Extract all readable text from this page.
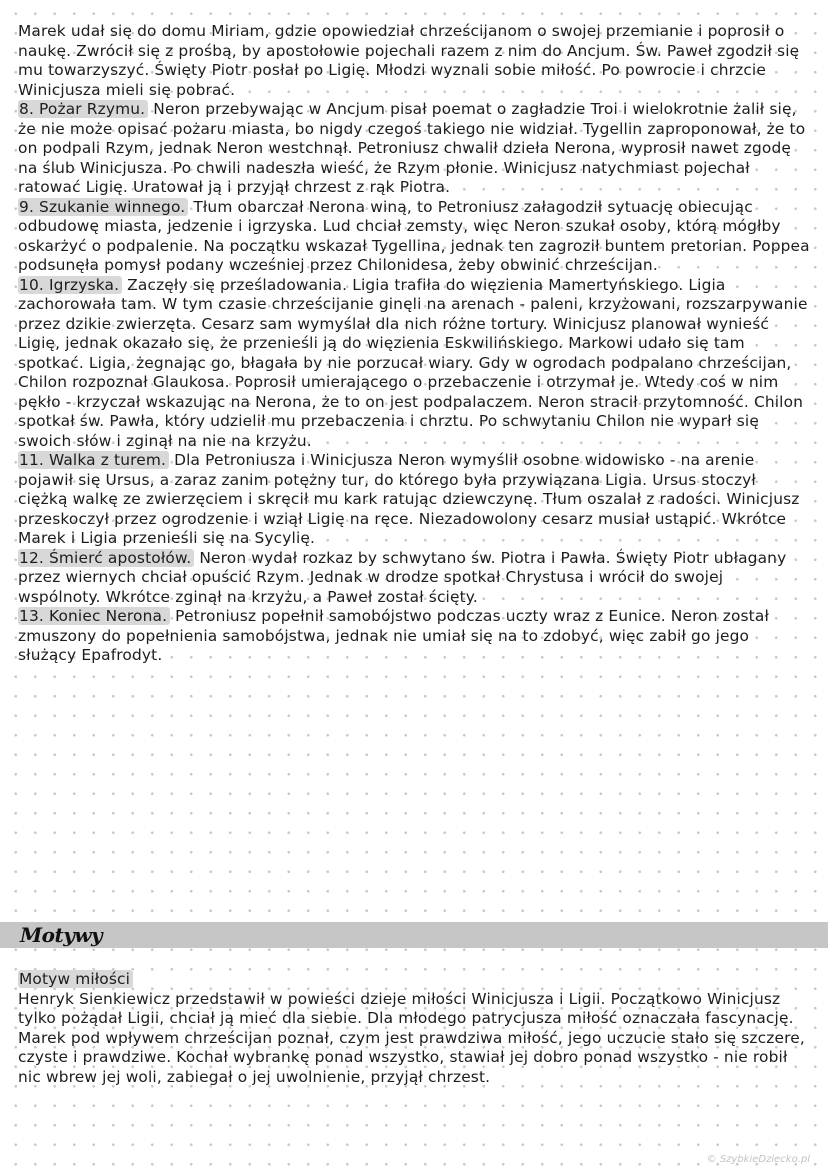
Marek udał się do domu Miriam, gdzie opowiedział chrześcijanom o swojej przemianie i poprosił o naukę. Zwrócił się z prośbą, by apostołowie pojechali razem z nim do Ancjum. Św. Paweł zgodził się mu towarzyszyć. Święty Piotr posłał po Ligię. Młodzi wyznali sobie miłość. Po powrocie i chrzcie Winicjusza mieli się pobrać.

8. Pożar Rzymu. Neron przebywając w Ancjum pisał poemat o zagładzie Troi i wielokrotnie żalił się, że nie może opisać pożaru miasta, bo nigdy czegoś takiego nie widział. Tygellin zaproponował, że to on podpali Rzym, jednak Neron westchnął. Petroniusz chwalił dzieła Nerona, wyprosił nawet zgodę na ślub Winicjusza. Po chwili nadeszła wieść, że Rzym płonie. Winicjusz natychmiast pojechał ratować Ligię. Uratował ją i przyjął chrzest z rąk Piotra.

9. Szukanie winnego. Tłum obarczał Nerona winą, to Petroniusz załagodził sytuację obiecując odbudowę miasta, jedzenie i igrzyska. Lud chciał zemsty, więc Neron szukał osoby, którą mógłby oskarżyć o podpalenie. Na początku wskazał Tygellina, jednak ten zagroził buntem pretorian. Poppea podsunęła pomysł podany wcześniej przez Chilonidesa, żeby obwinić chrześcijan.

10. Igrzyska. Zaczęły się prześladowania. Ligia trafiła do więzienia Mamertyńskiego. Ligia zachorowała tam. W tym czasie chrześcijanie ginęli na arenach - paleni, krzyżowani, rozszarpywanie przez dzikie zwierzęta. Cesarz sam wymyślał dla nich różne tortury. Winicjusz planował wynieść Ligię, jednak okazało się, że przenieśli ją do więzienia Eskwilińskiego. Markowi udało się tam spotkać. Ligia, żegnając go, błagała by nie porzucał wiary. Gdy w ogrodach podpalano chrześcijan, Chilon rozpoznał Glaukosa. Poprosił umierającego o przebaczenie i otrzymał je. Wtedy coś w nim pękło - krzyczał wskazując na Nerona, że to on jest podpalaczem. Neron stracił przytomność. Chilon spotkał św. Pawła, który udzielił mu przebaczenia i chrztu. Po schwytaniu Chilon nie wyparł się swoich słów i zginął na nie na krzyżu.

11. Walka z turem. Dla Petroniusza i Winicjusza Neron wymyślił osobne widowisko - na arenie pojawił się Ursus, a zaraz zanim potężny tur, do którego była przywiązana Ligia. Ursus stoczył ciężką walkę ze zwierzęciem i skręcił mu kark ratując dziewczynę. Tłum oszalał z radości. Winicjusz przeskoczył przez ogrodzenie i wziął Ligię na ręce. Niezadowolony cesarz musiał ustąpić. Wkrótce Marek i Ligia przenieśli się na Sycylię.

12. Śmierć apostołów. Neron wydał rozkaz by schwytano św. Piotra i Pawła. Święty Piotr ubłagany przez wiernych chciał opuścić Rzym. Jednak w drodze spotkał Chrystusa i wrócił do swojej wspólnoty. Wkrótce zginął na krzyżu, a Paweł został ścięty.

13. Koniec Nerona. Petroniusz popełnił samobójstwo podczas uczty wraz z Eunice. Neron został zmuszony do popełnienia samobójstwa, jednak nie umiał się na to zdobyć, więc zabił go jego służący Epafrodyt.

Motywy

Motyw miłości

Henryk Sienkiewicz przedstawił w powieści dzieje miłości Winicjusza i Ligii. Początkowo Winicjusz tylko pożądał Ligii, chciał ją mieć dla siebie. Dla młodego patrycjusza miłość oznaczała fascynację. Marek pod wpływem chrześcijan poznał, czym jest prawdziwa miłość, jego uczucie stało się szczere, czyste i prawdziwe. Kochał wybrankę ponad wszystko, stawiał jej dobro ponad wszystko - nie robił nic wbrew jej woli, zabiegał o jej uwolnienie, przyjął chrzest.

© SzybkieDziecko.pl
